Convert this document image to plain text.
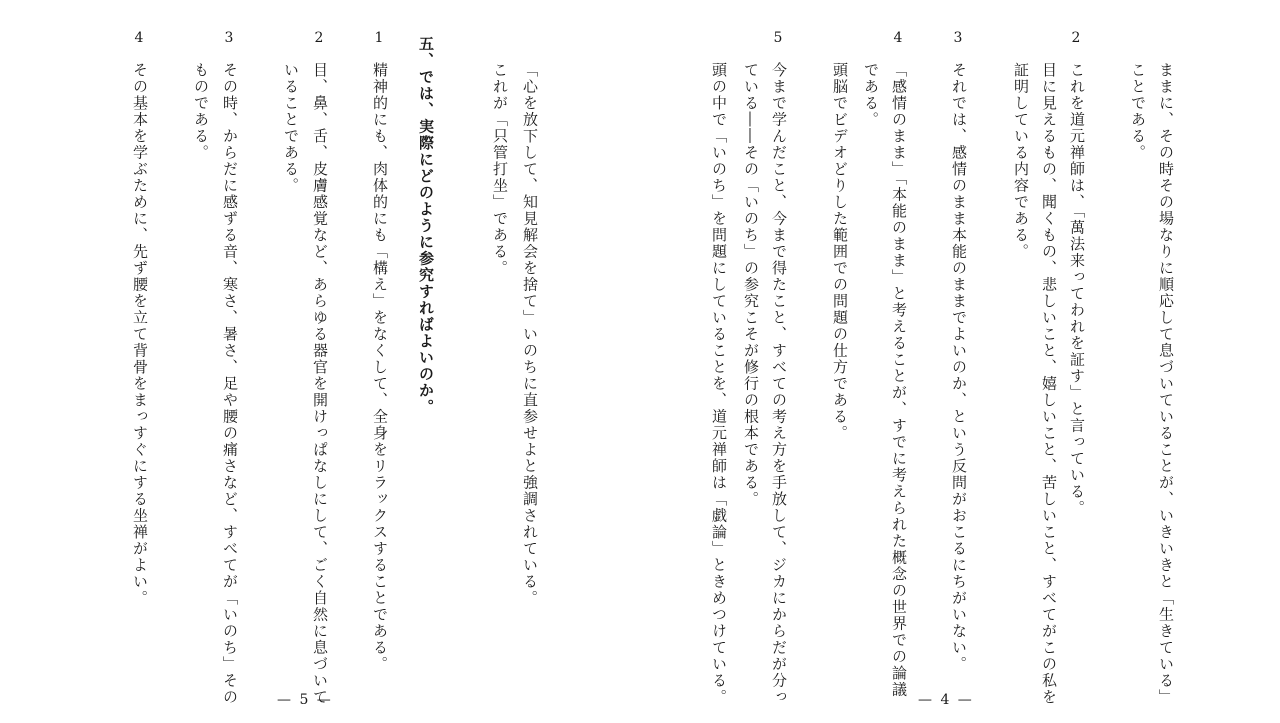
ままに、その時その場なりに順応して息づいていることが、いきいきと「生きている」
ことである。
2
これを道元禅師は、「萬法来ってわれを証す」と言っている。
目に見えるもの、聞くもの、悲しいこと、嬉しいこと、苦しいこと、すべてがこの私を
証明している内容である。
3
それでは、感情のまま本能のままでよいのか、という反問がおこるにちがいない。
4
「感情のまま」「本能のまま」と考えることが、すでに考えられた概念の世界での論議
である。
頭脳でビデオどりした範囲での問題の仕方である。
5
今まで学んだこと、今まで得たこと、すべての考え方を手放して、ジカにからだが分っ
ている――その「いのち」の参究こそが修行の根本である。
頭の中で「いのち」を問題にしていることを、道元禅師は「戯論」ときめつけている。	— 4 —
「心を放下して、知見解会を捨て」いのちに直参せよと強調されている。
これが「只管打坐」である。
五、では、実際にどのように参究すればよいのか。
1
精神的にも、肉体的にも「構え」をなくして、全身をリラックスすることである。
2
目、鼻、舌、皮膚感覚など、あらゆる器官を開けっぱなしにして、ごく自然に息づいて
いることである。
3
その時、からだに感ずる音、寒さ、暑さ、足や腰の痛さなど、すべてが「いのち」その
ものである。
4
その基本を学ぶために、先ず腰を立て背骨をまっすぐにする坐禅がよい。
— 5 —
